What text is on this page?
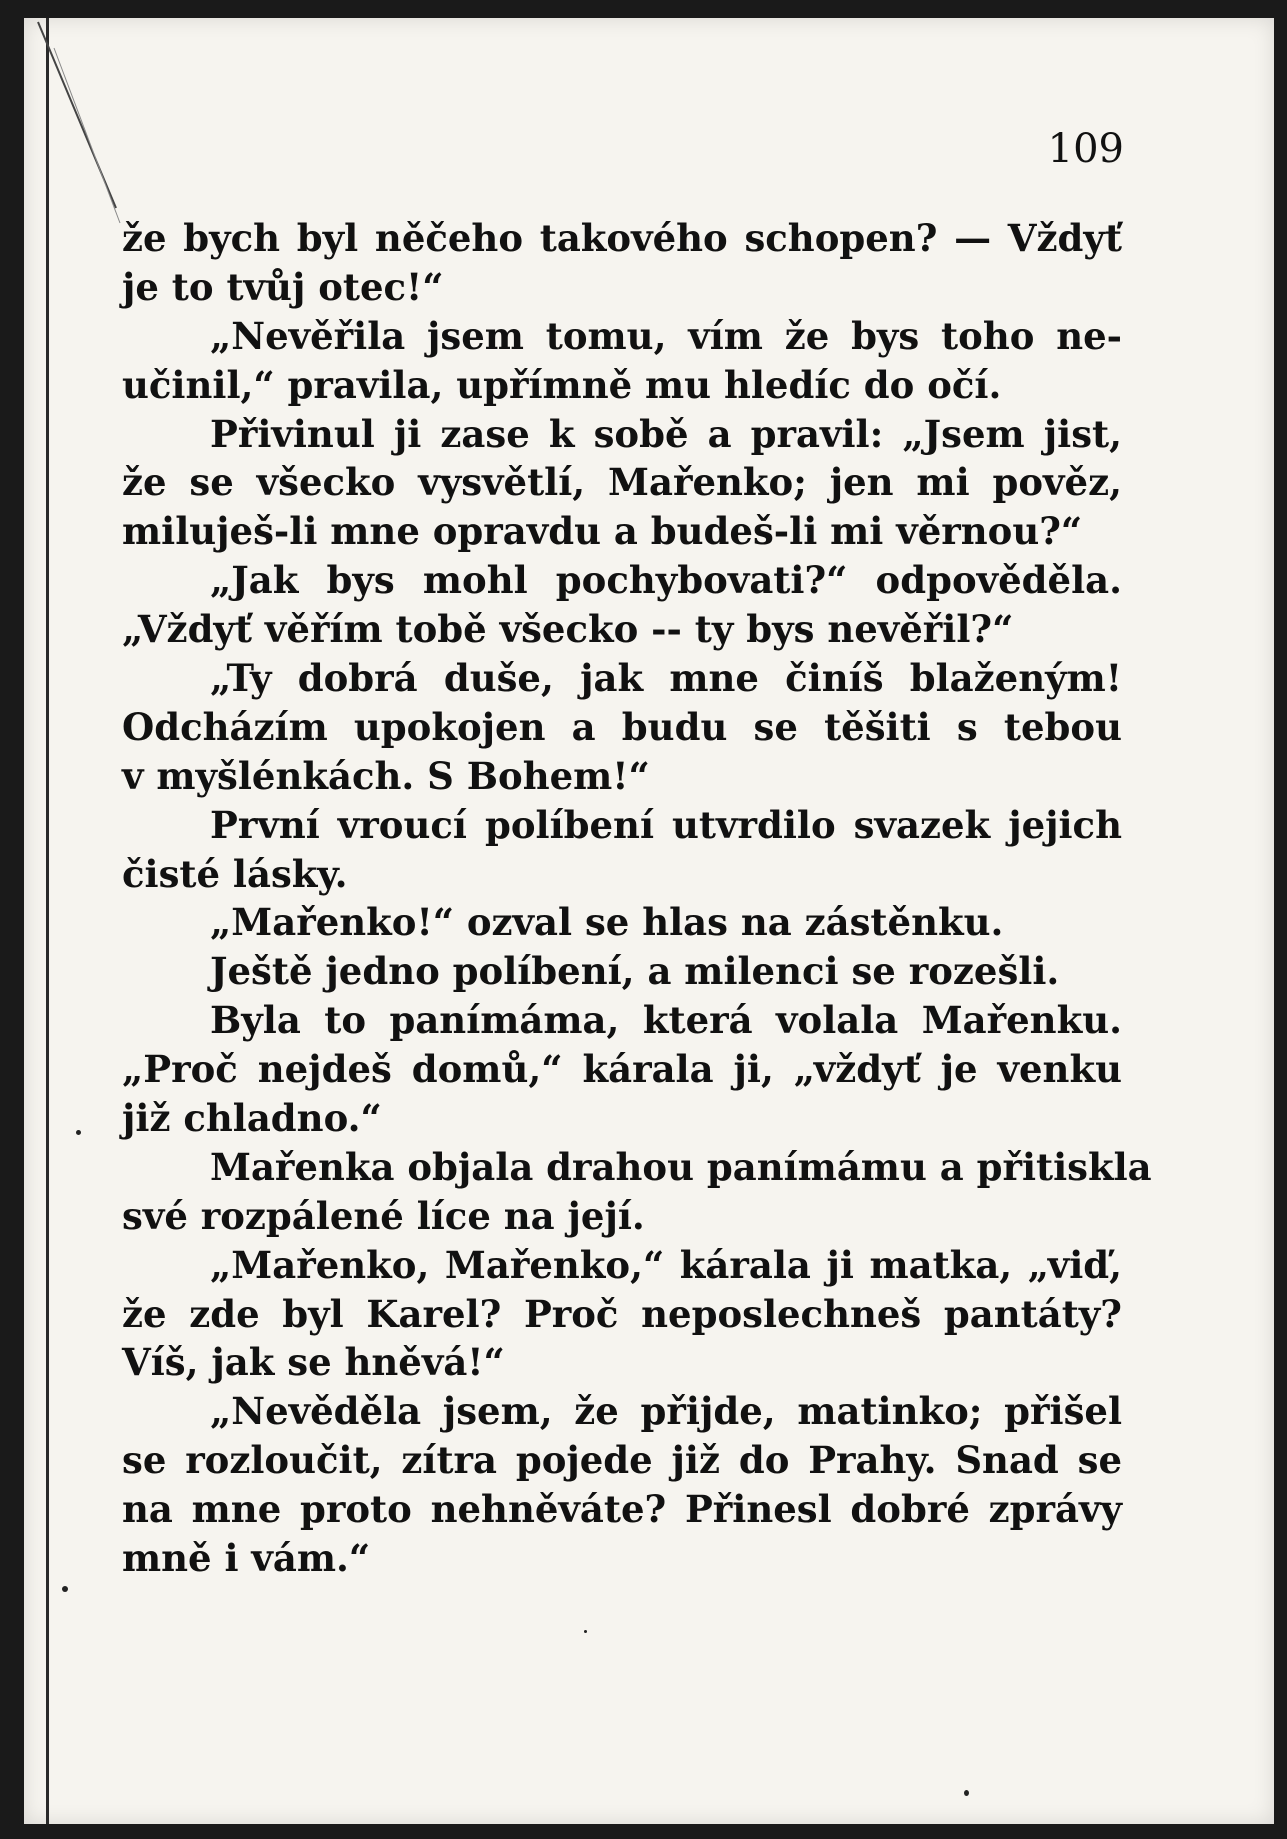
109
že bych byl něčeho takového schopen? — Vždyť
je to tvůj otec!“
„Nevěřila jsem tomu, vím že bys toho ne-
učinil,“ pravila, upřímně mu hledíc do očí.
Přivinul ji zase k sobě a pravil: „Jsem jist,
že se všecko vysvětlí, Mařenko; jen mi pověz,
miluješ-li mne opravdu a budeš-li mi věrnou?“
„Jak bys mohl pochybovati?“ odpověděla.
„Vždyť věřím tobě všecko -- ty bys nevěřil?“
„Ty dobrá duše, jak mne činíš blaženým!
Odcházím upokojen a budu se těšiti s tebou
v myšlénkách. S Bohem!“
První vroucí políbení utvrdilo svazek jejich
čisté lásky.
„Mařenko!“ ozval se hlas na zástěnku.
Ještě jedno políbení, a milenci se rozešli.
Byla to panímáma, která volala Mařenku.
„Proč nejdeš domů,“ kárala ji, „vždyť je venku
již chladno.“
Mařenka objala drahou panímámu a přitiskla
své rozpálené líce na její.
„Mařenko, Mařenko,“ kárala ji matka, „viď,
že zde byl Karel? Proč neposlechneš pantáty?
Víš, jak se hněvá!“
„Nevěděla jsem, že přijde, matinko; přišel
se rozloučit, zítra pojede již do Prahy. Snad se
na mne proto nehněváte? Přinesl dobré zprávy
mně i vám.“
